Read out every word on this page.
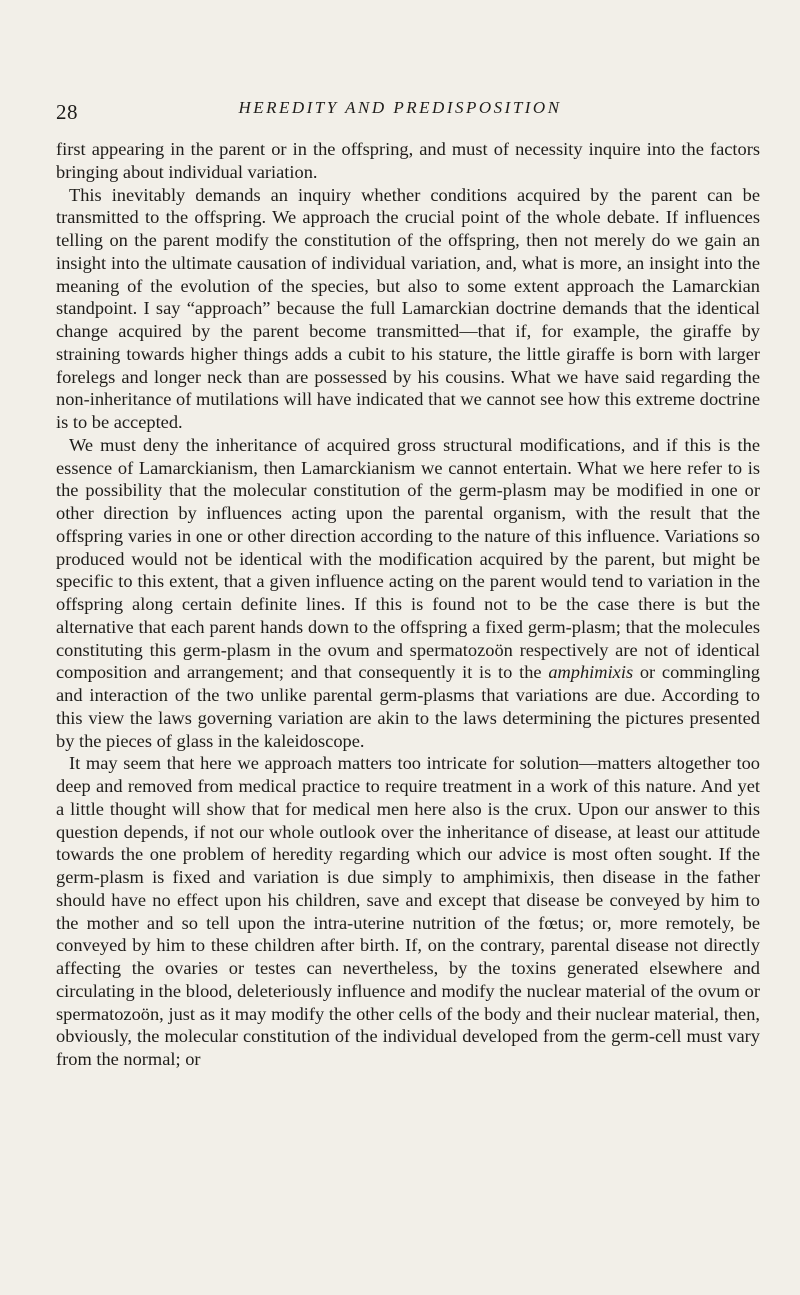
28	HEREDITY AND PREDISPOSITION

first appearing in the parent or in the offspring, and must of necessity inquire into the factors bringing about individual variation.

This inevitably demands an inquiry whether conditions acquired by the parent can be transmitted to the offspring. We approach the crucial point of the whole debate. If influences telling on the parent modify the constitution of the offspring, then not merely do we gain an insight into the ultimate causation of individual variation, and, what is more, an insight into the meaning of the evolution of the species, but also to some extent approach the Lamarckian standpoint. I say “approach” because the full Lamarckian doctrine demands that the identical change acquired by the parent become transmitted—that if, for example, the giraffe by straining towards higher things adds a cubit to his stature, the little giraffe is born with larger forelegs and longer neck than are possessed by his cousins. What we have said regarding the non-inheritance of mutilations will have indicated that we cannot see how this extreme doctrine is to be accepted.

We must deny the inheritance of acquired gross structural modifications, and if this is the essence of Lamarckianism, then Lamarckianism we cannot entertain. What we here refer to is the possibility that the molecular constitution of the germ-plasm may be modified in one or other direction by influences acting upon the parental organism, with the result that the offspring varies in one or other direction according to the nature of this influence. Variations so produced would not be identical with the modification acquired by the parent, but might be specific to this extent, that a given influence acting on the parent would tend to variation in the offspring along certain definite lines. If this is found not to be the case there is but the alternative that each parent hands down to the offspring a fixed germ-plasm; that the molecules constituting this germ-plasm in the ovum and spermatozoön respectively are not of identical composition and arrangement; and that consequently it is to the amphimixis or commingling and interaction of the two unlike parental germ-plasms that variations are due. According to this view the laws governing variation are akin to the laws determining the pictures presented by the pieces of glass in the kaleidoscope.

It may seem that here we approach matters too intricate for solution—matters altogether too deep and removed from medical practice to require treatment in a work of this nature. And yet a little thought will show that for medical men here also is the crux. Upon our answer to this question depends, if not our whole outlook over the inheritance of disease, at least our attitude towards the one problem of heredity regarding which our advice is most often sought. If the germ-plasm is fixed and variation is due simply to amphimixis, then disease in the father should have no effect upon his children, save and except that disease be conveyed by him to the mother and so tell upon the intra-uterine nutrition of the fœtus; or, more remotely, be conveyed by him to these children after birth. If, on the contrary, parental disease not directly affecting the ovaries or testes can nevertheless, by the toxins generated elsewhere and circulating in the blood, deleteriously influence and modify the nuclear material of the ovum or spermatozoön, just as it may modify the other cells of the body and their nuclear material, then, obviously, the molecular constitution of the individual developed from the germ-cell must vary from the normal; or
